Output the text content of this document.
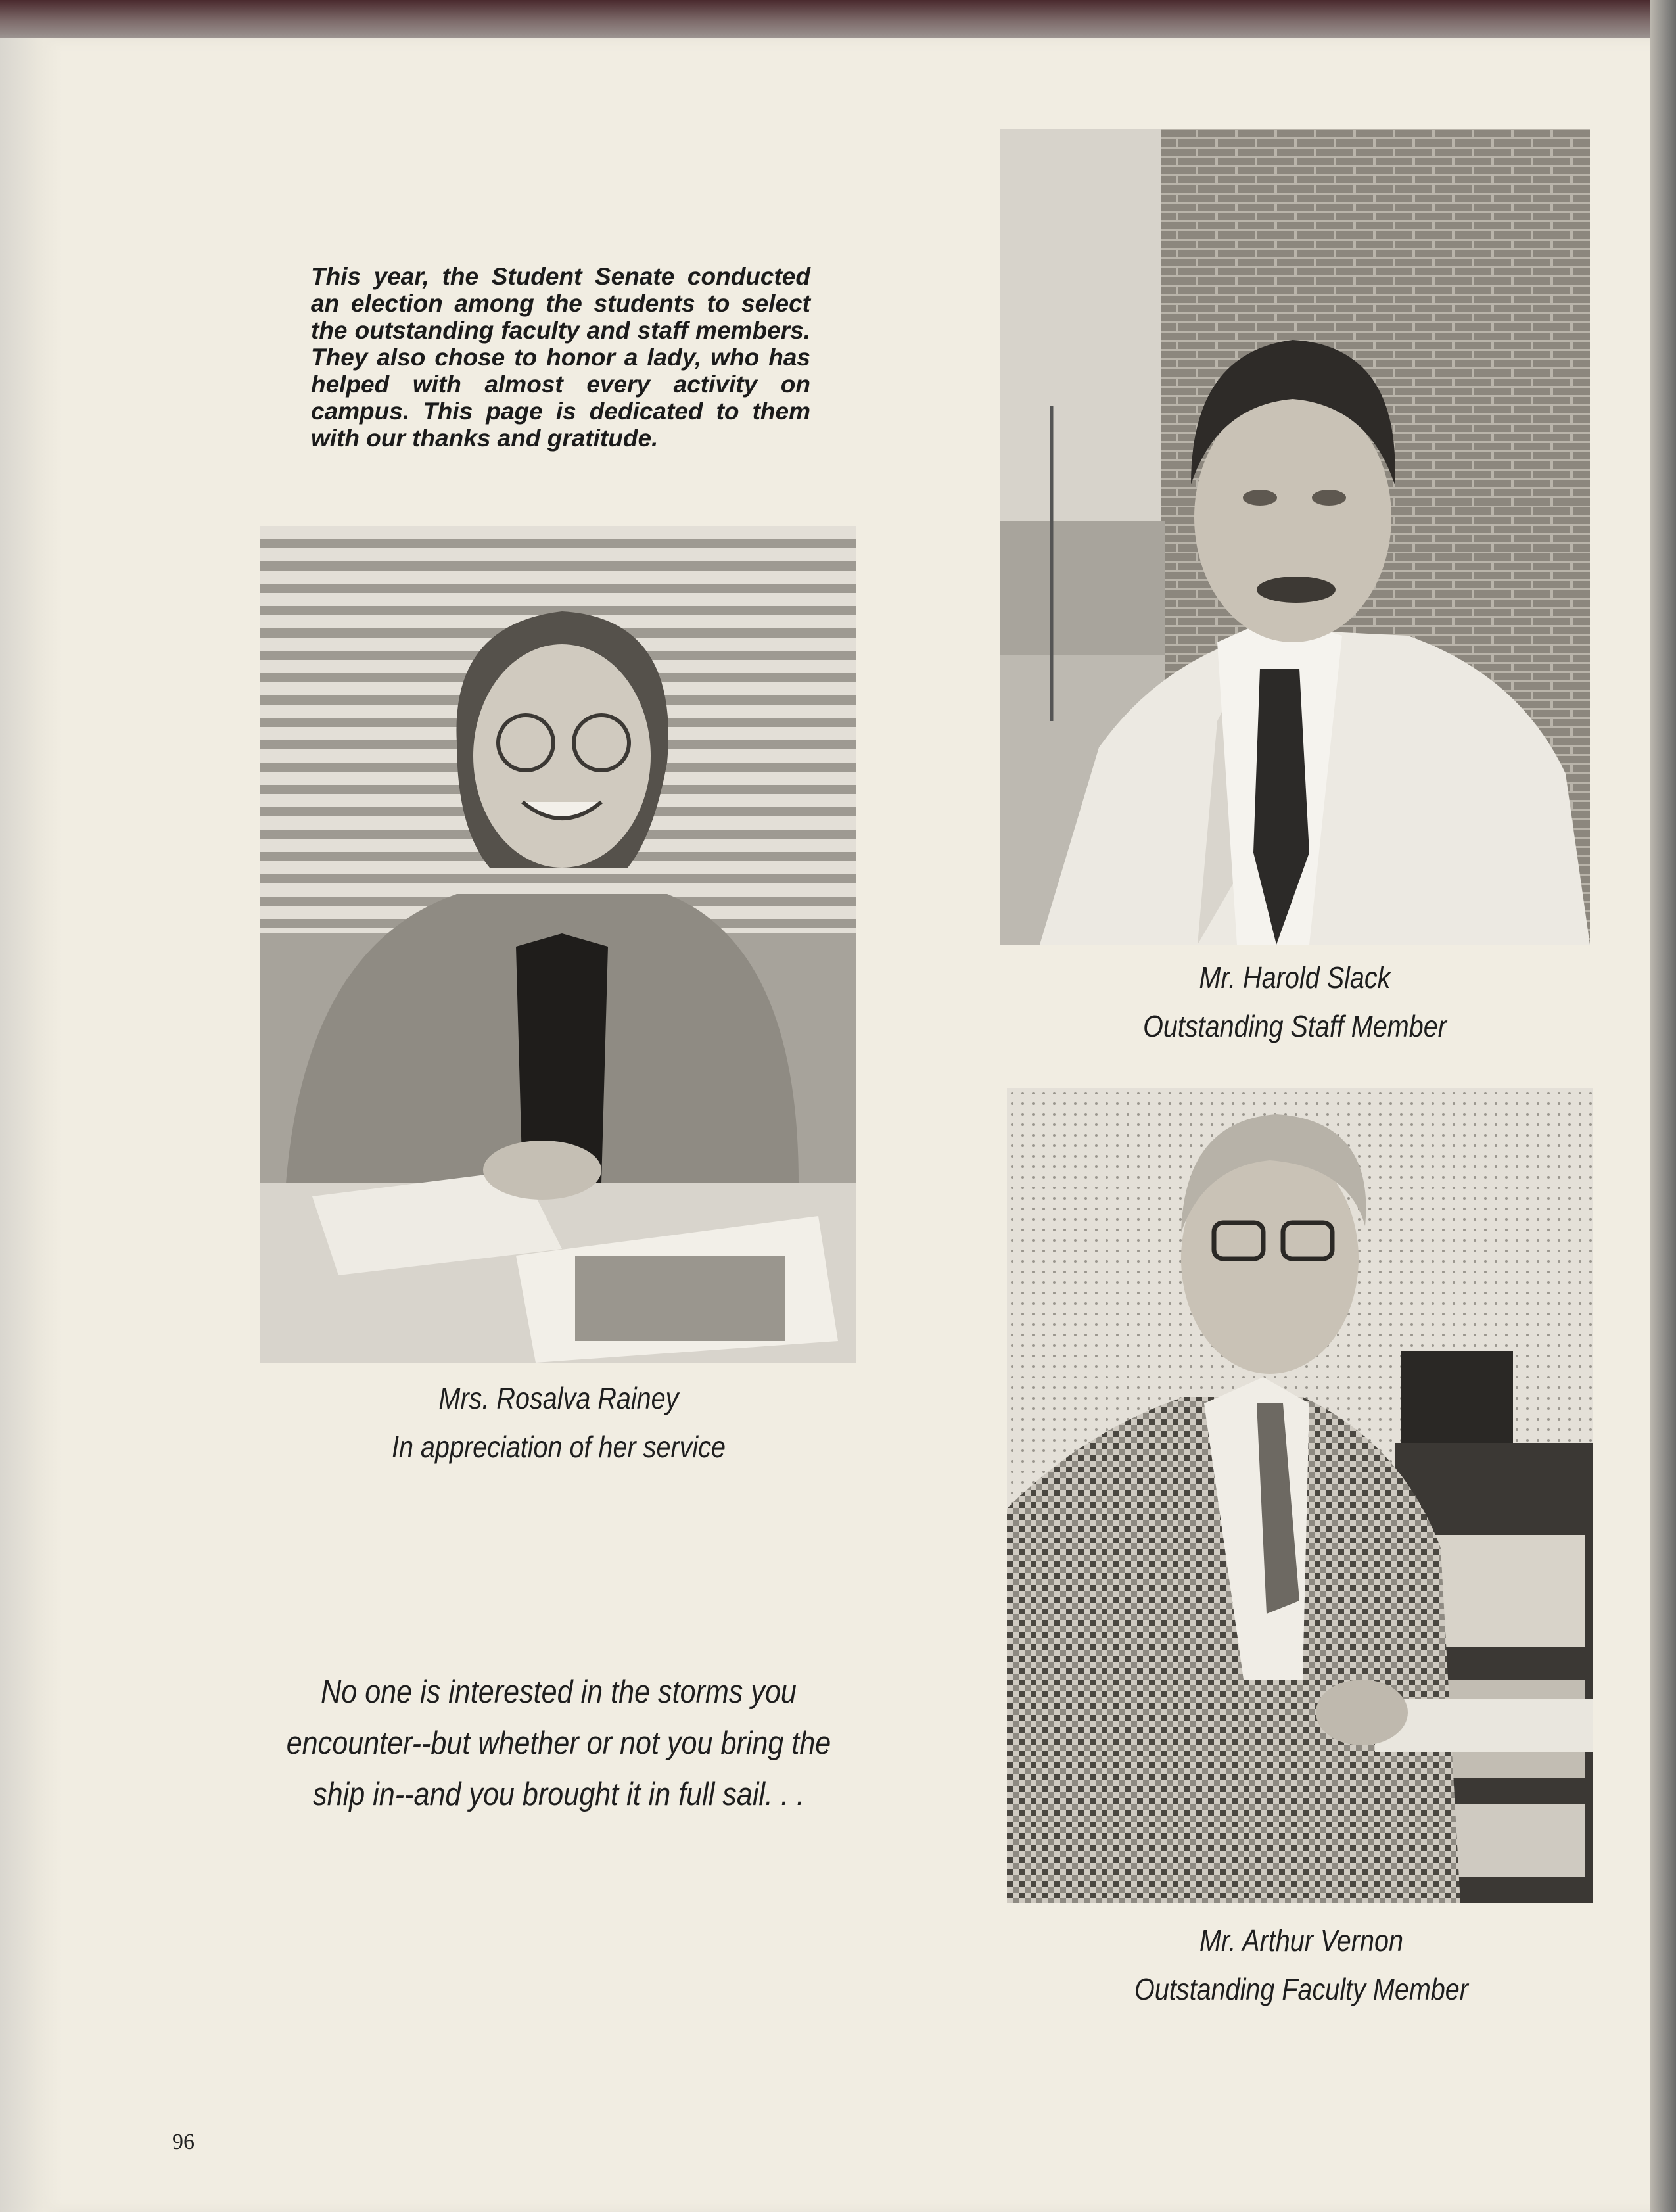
This year, the Student Senate conducted an election among the students to select the outstanding faculty and staff members. They also chose to honor a lady, who has helped with almost every activity on campus. This page is dedicated to them with our thanks and gratitude.

Mr. Harold Slack
Outstanding Staff Member
Mrs. Rosalva Rainey
In appreciation of her service
Mr. Arthur Vernon
Outstanding Faculty Member
No one is interested in the storms you
encounter--but whether or not you bring the
ship in--and you brought it in full sail. . .
96
